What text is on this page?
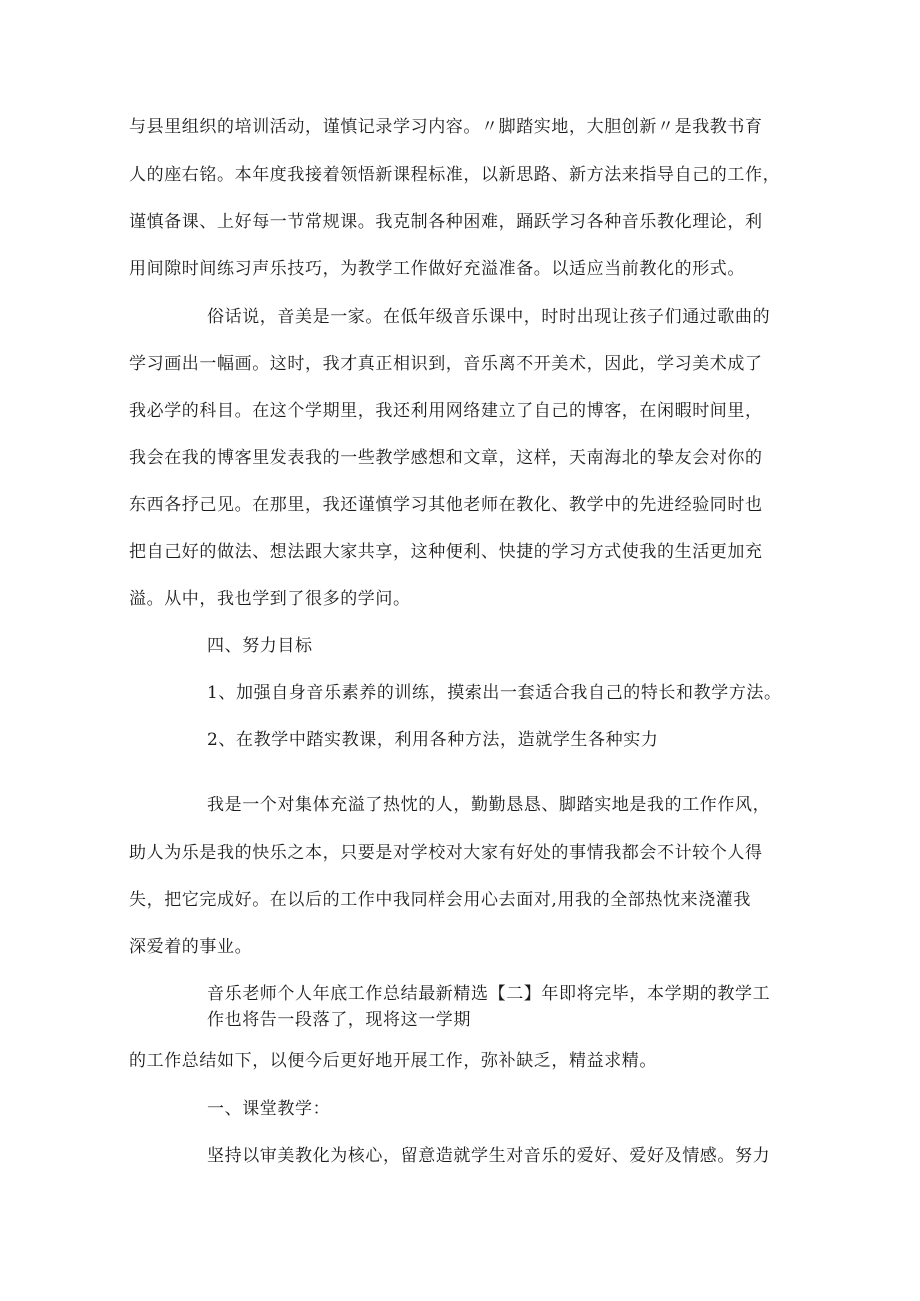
与县里组织的培训活动，谨慎记录学习内容。〃脚踏实地，大胆创新〃是我教书育

人的座右铭。本年度我接着领悟新课程标准，以新思路、新方法来指导自己的工作，

谨慎备课、上好每一节常规课。我克制各种困难，踊跃学习各种音乐教化理论，利

用间隙时间练习声乐技巧，为教学工作做好充溢准备。以适应当前教化的形式。

俗话说，音美是一家。在低年级音乐课中，时时出现让孩子们通过歌曲的

学习画出一幅画。这时，我才真正相识到，音乐离不开美术，因此，学习美术成了

我必学的科目。在这个学期里，我还利用网络建立了自己的博客，在闲暇时间里，

我会在我的博客里发表我的一些教学感想和文章，这样，天南海北的挚友会对你的

东西各抒己见。在那里，我还谨慎学习其他老师在教化、教学中的先进经验同时也

把自己好的做法、想法跟大家共享，这种便利、快捷的学习方式使我的生活更加充

溢。从中，我也学到了很多的学问。

四、努力目标

1、加强自身音乐素养的训练，摸索出一套适合我自己的特长和教学方法。

2、在教学中踏实教课，利用各种方法，造就学生各种实力

我是一个对集体充溢了热忱的人，勤勤恳恳、脚踏实地是我的工作作风，

助人为乐是我的快乐之本，只要是对学校对大家有好处的事情我都会不计较个人得

失，把它完成好。在以后的工作中我同样会用心去面对,用我的全部热忱来浇灌我

深爱着的事业。

音乐老师个人年底工作总结最新精选【二】年即将完毕，本学期的教学工

作也将告一段落了，现将这一学期

的工作总结如下，以便今后更好地开展工作，弥补缺乏，精益求精。

一、课堂教学：

坚持以审美教化为核心，留意造就学生对音乐的爱好、爱好及情感。努力
